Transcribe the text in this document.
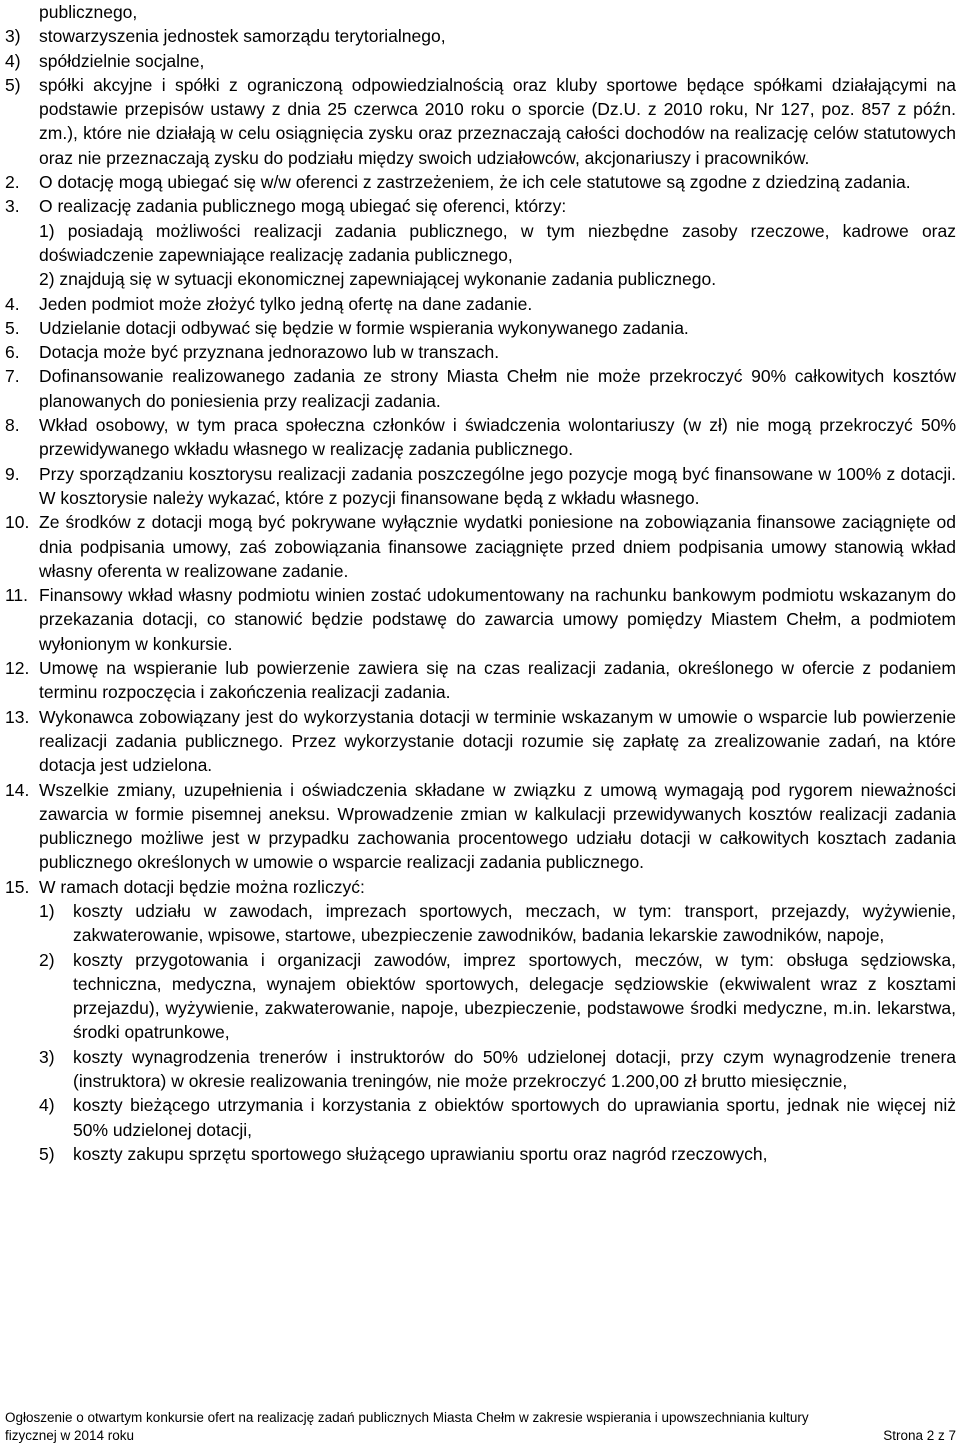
publicznego,
3) stowarzyszenia jednostek samorządu terytorialnego,
4) spółdzielnie socjalne,
5) spółki akcyjne i spółki z ograniczoną odpowiedzialnością oraz kluby sportowe będące spółkami działającymi na podstawie przepisów ustawy z dnia 25 czerwca 2010 roku o sporcie (Dz.U. z 2010 roku, Nr 127, poz. 857 z późn. zm.), które nie działają w celu osiągnięcia zysku oraz przeznaczają całości dochodów na realizację celów statutowych oraz nie przeznaczają zysku do podziału między swoich udziałowców, akcjonariuszy i pracowników.
2. O dotację mogą ubiegać się w/w oferenci z zastrzeżeniem, że ich cele statutowe są zgodne z dziedziną zadania.
3. O realizację zadania publicznego mogą ubiegać się oferenci, którzy:
1) posiadają możliwości realizacji zadania publicznego, w tym niezbędne zasoby rzeczowe, kadrowe oraz doświadczenie zapewniające realizację zadania publicznego,
2) znajdują się w sytuacji ekonomicznej zapewniającej wykonanie zadania publicznego.
4. Jeden podmiot może złożyć tylko jedną ofertę na dane zadanie.
5. Udzielanie dotacji odbywać się będzie w formie wspierania wykonywanego zadania.
6. Dotacja może być przyznana jednorazowo lub w transzach.
7. Dofinansowanie realizowanego zadania ze strony Miasta Chełm nie może przekroczyć 90% całkowitych kosztów planowanych do poniesienia przy realizacji zadania.
8. Wkład osobowy, w tym praca społeczna członków i świadczenia wolontariuszy (w zł) nie mogą przekroczyć 50% przewidywanego wkładu własnego w realizację zadania publicznego.
9. Przy sporządzaniu kosztorysu realizacji zadania poszczególne jego pozycje mogą być finansowane w 100% z dotacji. W kosztorysie należy wykazać, które z pozycji finansowane będą z wkładu własnego.
10. Ze środków z dotacji mogą być pokrywane wyłącznie wydatki poniesione na zobowiązania finansowe zaciągnięte od dnia podpisania umowy, zaś zobowiązania finansowe zaciągnięte przed dniem podpisania umowy stanowią wkład własny oferenta w realizowane zadanie.
11. Finansowy wkład własny podmiotu winien zostać udokumentowany na rachunku bankowym podmiotu wskazanym do przekazania dotacji, co stanowić będzie podstawę do zawarcia umowy pomiędzy Miastem Chełm, a podmiotem wyłonionym w konkursie.
12. Umowę na wspieranie lub powierzenie zawiera się na czas realizacji zadania, określonego w ofercie z podaniem terminu rozpoczęcia i zakończenia realizacji zadania.
13. Wykonawca zobowiązany jest do wykorzystania dotacji w terminie wskazanym w umowie o wsparcie lub powierzenie realizacji zadania publicznego. Przez wykorzystanie dotacji rozumie się zapłatę za zrealizowanie zadań, na które dotacja jest udzielona.
14. Wszelkie zmiany, uzupełnienia i oświadczenia składane w związku z umową wymagają pod rygorem nieważności zawarcia w formie pisemnej aneksu. Wprowadzenie zmian w kalkulacji przewidywanych kosztów realizacji zadania publicznego możliwe jest w przypadku zachowania procentowego udziału dotacji w całkowitych kosztach zadania publicznego określonych w umowie o wsparcie realizacji zadania publicznego.
15. W ramach dotacji będzie można rozliczyć:
1) koszty udziału w zawodach, imprezach sportowych, meczach, w tym: transport, przejazdy, wyżywienie, zakwaterowanie, wpisowe, startowe, ubezpieczenie zawodników, badania lekarskie zawodników, napoje,
2) koszty przygotowania i organizacji zawodów, imprez sportowych, meczów, w tym: obsługa sędziowska, techniczna, medyczna, wynajem obiektów sportowych, delegacje sędziowskie (ekwiwalent wraz z kosztami przejazdu), wyżywienie, zakwaterowanie, napoje, ubezpieczenie, podstawowe środki medyczne, m.in. lekarstwa, środki opatrunkowe,
3) koszty wynagrodzenia trenerów i instruktorów do 50% udzielonej dotacji, przy czym wynagrodzenie trenera (instruktora) w okresie realizowania treningów, nie może przekroczyć 1.200,00 zł brutto miesięcznie,
4) koszty bieżącego utrzymania i korzystania z obiektów sportowych do uprawiania sportu, jednak nie więcej niż 50% udzielonej dotacji,
5) koszty zakupu sprzętu sportowego służącego uprawianiu sportu oraz nagród rzeczowych,
Ogłoszenie o otwartym konkursie ofert na realizację zadań publicznych Miasta Chełm w zakresie wspierania i upowszechniania kultury
fizycznej w 2014 roku	Strona 2 z 7
